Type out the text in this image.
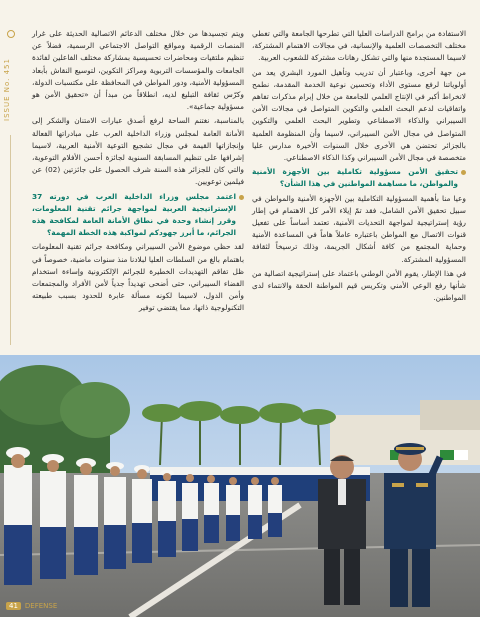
ISSUE No. 451

الاستفادة من برامج الدراسات العليا التي تطرحها الجامعة والتي تغطي مختلف التخصصات العلمية والإنسانية، في مجالات الاهتمام المشتركة، لاسيما المستجدة منها والتي تشكل رهانات مشتركة للشعوب العربية.

من جهة أخرى، وباعتبار أن تدريب وتأهيل المورد البشري يعد من أولوياتنا لرفع مستوى الأداء وتحسين نوعية الخدمة المقدمة، نطمح لانخراط أكبر في الإنتاج العلمي للجامعة من خلال إبرام مذكرات تفاهم واتفاقيات لدعم البحث العلمي والتكوين المتواصل في مجالات الأمن السيبراني والذكاء الاصطناعي وتطوير البحث العلمي والتكوين المتواصل في مجال الأمن السيبراني، لاسيما وأن المنظومة العلمية بالجزائر تحتضن هي الأخرى خلال السنوات الأخيرة مدارس عليا متخصصة في مجال الأمن السيبراني وكذا الذكاء الاصطناعي.

تحقيق الأمن مسؤولية تكاملية بين الأجهزة الأمنية والمواطن، ما مساهمة المواطنين في هذا الشأن؟

وعيا منا بأهمية المسؤولية التكاملية بين الأجهزة الأمنية والمواطن في سبيل تحقيق الأمن الشامل، فقد تمّ إيلاء الأمر كل الاهتمام في إطار رؤية إستراتيجية لمواجهة التحديات الأمنية، تعتمد أساساً على تفعيل قنوات الاتصال مع المواطن باعتباره عاملاً هاماً في المساعدة الأمنية وحماية المجتمع من كافة أشكال الجريمة، وذلك ترسيخاً لثقافة المسؤولية المشتركة.

في هذا الإطار، يقوم الأمن الوطني باعتماد على إستراتيجية اتصالية من شأنها رفع الوعي الأمني وتكريس قيم المواطنة الحقة والانتماء لدى المواطنين.

ويتم تجسيدها من خلال مختلف الدعائم الاتصالية الحديثة على غرار المنصات الرقمية ومواقع التواصل الاجتماعي الرسمية، فضلاً عن تنظيم ملتقيات ومحاضرات تحسيسية بمشاركة مختلف الفاعلين لفائدة الجامعات والمؤسسات التربوية ومراكز التكوين، لتوسيع النقاش بأبعاد المسؤولية الأمنية، ودور المواطن في المحافظة على مكتسبات الدولة، وكرّس ثقافة التبليغ لديه، انطلاقاً من مبدأ أن «تحقيق الأمن هو مسؤولية جماعية».

بالمناسبة، نغتنم الساحة لرفع أصدق عبارات الامتنان والشكر إلى الأمانة العامة لمجلس وزراء الداخلية العرب على مبادراتها الفعالة وإنجازاتها القيمة في مجال تشجيع التوعية الأمنية العربية، لاسيما إشرافها على تنظيم المسابقة السنوية لجائزة أحسن الأفلام التوعوية، والتي كان للجزائر هذه السنة شرف الحصول على جائزتين (02) عن فيلمين توعويين.

اعتمد مجلس وزراء الداخلية العرب في دورته 37 الإستراتيجية العربية لمواجهة جرائم تقنية المعلومات، وقرر إنشاء وحدة في نطاق الأمانة العامة لمكافحة هذه الجرائم، ما أبرز جهودكم لمواكبة هذه الخطة المهمة؟

لقد حظي موضوع الأمن السيبراني ومكافحة جرائم تقنية المعلومات باهتمام بالغ من السلطات العليا لبلادنا منذ سنوات ماضية، خصوصاً في ظل تفاقم التهديدات الخطيرة للجرائم الإلكترونية وإساءة استخدام الفضاء السيبراني، حتى أضحى تهديداً جدياً لأمن الأفراد والمجتمعات وأمن الدول، لاسيما لكونه مسألة عابرة للحدود بسبب طبيعته التكنولوجية ذاتها، مما يقتضي توفير

41	DEFENSE
